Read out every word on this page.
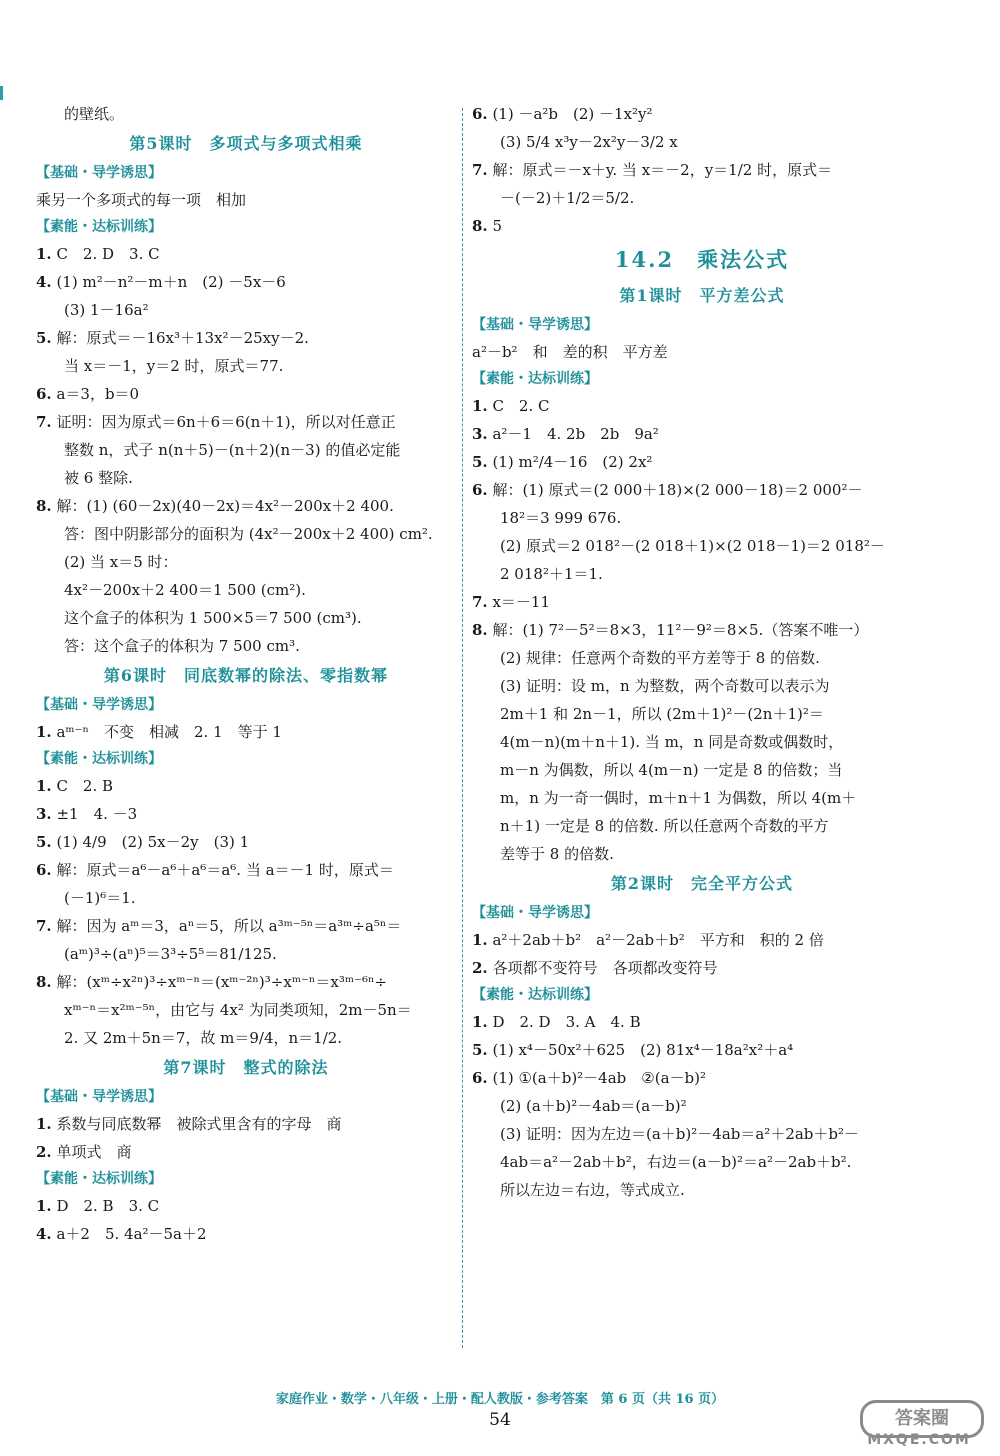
的壁纸。
第5课时　多项式与多项式相乘
【基础・导学诱思】
乘另一个多项式的每一项　相加
【素能・达标训练】
1. C　2. D　3. C
4. (1) m²－n²－m＋n　(2) －5x－6
(3) 1－16a²
5. 解：原式＝－16x³＋13x²－25xy－2.
当 x＝－1，y＝2 时，原式＝77.
6. a＝3，b＝0
7. 证明：因为原式＝6n＋6＝6(n＋1)，所以对任意正
整数 n，式子 n(n＋5)－(n＋2)(n－3) 的值必定能
被 6 整除.
8. 解：(1) (60－2x)(40－2x)＝4x²－200x＋2 400.
答：图中阴影部分的面积为 (4x²－200x＋2 400) cm².
(2) 当 x＝5 时：
4x²－200x＋2 400＝1 500 (cm²).
这个盒子的体积为 1 500×5＝7 500 (cm³).
答：这个盒子的体积为 7 500 cm³.
第6课时　同底数幂的除法、零指数幂
【基础・导学诱思】
1. aᵐ⁻ⁿ　不变　相减　2. 1　等于 1
【素能・达标训练】
1. C　2. B
3. ±1　4. －3
5. (1) 4/9　(2) 5x－2y　(3) 1
6. 解：原式＝a⁶－a⁶＋a⁶＝a⁶. 当 a＝－1 时，原式＝
(－1)⁶＝1.
7. 解：因为 aᵐ＝3，aⁿ＝5，所以 a³ᵐ⁻⁵ⁿ＝a³ᵐ÷a⁵ⁿ＝
(aᵐ)³÷(aⁿ)⁵＝3³÷5⁵＝81/125.
8. 解：(xᵐ÷x²ⁿ)³÷xᵐ⁻ⁿ＝(xᵐ⁻²ⁿ)³÷xᵐ⁻ⁿ＝x³ᵐ⁻⁶ⁿ÷
xᵐ⁻ⁿ＝x²ᵐ⁻⁵ⁿ，由它与 4x² 为同类项知，2m－5n＝
2. 又 2m＋5n＝7，故 m＝9/4，n＝1/2.
第7课时　整式的除法
【基础・导学诱思】
1. 系数与同底数幂　被除式里含有的字母　商
2. 单项式　商
【素能・达标训练】
1. D　2. B　3. C
4. a＋2　5. 4a²－5a＋2
6. (1) －a²b　(2) －1x²y²
(3) 5/4 x³y－2x²y－3/2 x
7. 解：原式＝－x＋y. 当 x＝－2，y＝1/2 时，原式＝
－(－2)＋1/2＝5/2.
8. 5
14.2　乘法公式
第1课时　平方差公式
【基础・导学诱思】
a²－b²　和　差的积　平方差
【素能・达标训练】
1. C　2. C
3. a²－1　4. 2b　2b　9a²
5. (1) m²/4－16　(2) 2x²
6. 解：(1) 原式＝(2 000＋18)×(2 000－18)＝2 000²－
18²＝3 999 676.
(2) 原式＝2 018²－(2 018＋1)×(2 018－1)＝2 018²－
2 018²＋1＝1.
7. x＝－11
8. 解：(1) 7²－5²＝8×3，11²－9²＝8×5.（答案不唯一）
(2) 规律：任意两个奇数的平方差等于 8 的倍数.
(3) 证明：设 m，n 为整数，两个奇数可以表示为
2m＋1 和 2n－1，所以 (2m＋1)²－(2n＋1)²＝
4(m－n)(m＋n＋1). 当 m，n 同是奇数或偶数时，
m－n 为偶数，所以 4(m－n) 一定是 8 的倍数；当
m，n 为一奇一偶时，m＋n＋1 为偶数，所以 4(m＋
n＋1) 一定是 8 的倍数. 所以任意两个奇数的平方
差等于 8 的倍数.
第2课时　完全平方公式
【基础・导学诱思】
1. a²＋2ab＋b²　a²－2ab＋b²　平方和　积的 2 倍
2. 各项都不变符号　各项都改变符号
【素能・达标训练】
1. D　2. D　3. A　4. B
5. (1) x⁴－50x²＋625　(2) 81x⁴－18a²x²＋a⁴
6. (1) ①(a＋b)²－4ab　②(a－b)²
(2) (a＋b)²－4ab＝(a－b)²
(3) 证明：因为左边＝(a＋b)²－4ab＝a²＋2ab＋b²－
4ab＝a²－2ab＋b²，右边＝(a－b)²＝a²－2ab＋b².
所以左边＝右边，等式成立.
家庭作业・数学・八年级・上册・配人教版・参考答案　第 6 页（共 16 页）
54	答案圈
MXQE.COM
